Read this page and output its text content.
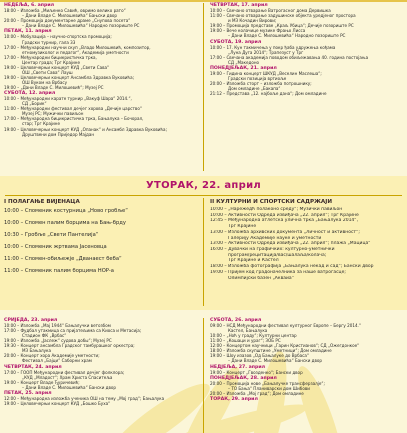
НЕДЕЉА, 6. април
18:00 – Изложба „Миљенко Савић, овримо велико рато“
– Дани Владе С. Милошевића“ Бањски двор
20:00 – Промоција документарне драме „Снупова посета“
– Дани Владе С. Милошевића“ Народно позориште РС
ПЕТАК, 11. април
10:00 – Мобулација – научно-спортска промоција;
Градски турнир, гала 33
17:00 – Међународни научни скуп „Владо Милошевић, композитор,
етномузиколог и педагог“, Академија уметности
17:00 – Међународни бицикристичка трка,
Центар града; Трг Крајине
19:00 – Целовечерњи концерт КУД „Свети Сава“
ОШ „Свети Сава“ Лауш
19:00 – Целовечерњи концерт Ансамбла Здравка Вуковића;
ОШ Вуком на Врбасу
19:00 – „Дани Владе С. Милошевић“; Музеј РС
СУБОТА, 12. април
10:00 – Међународни карате турнир „Вакуф Шара“ 2014.“,
СД „Борик“
11:00 – Међународни фестивал дечјег хорова „Дечије царство“
Музеј РС; Мужички павиљон
17:00 – Међународна бицикристичка трка, Бањалука – Бочорал,
стар; Трг Крајине
19:00 – Целовечерњи концерт КУД „Опанак“ и Ансамбл Здравка Вуковића;
Друштвени дом Приједор Мајдан
ЧЕТВРТАК, 17. април
10:00 – Свечано отварање Ватрогасног дома Дервишка
11:00 – Свечано отварање задушинске објекта уредјеног простора
и МЗ Кочадин Вирови;
19:00 – Промоција представе „Краљ Убица“; Дечије позориште РС
19:00 – Вече колачице музике Фрањо Лисса
– Дани Владе С. Милошевића“ Народно позориште РС
СУБОТА, 19. април
10:00 – 17. Кун такмичења у покр ђаба удружења кођама
„Луна Дуга 2014“; Трапезуст у Трг
17:00 – Свечана академија поводом обиљежавања 40. година постојања
СД „Македоно
ПОНЕДЈЕЉАК, 21. април
19:00 – Гидина концерт ШКУД „Веселин Маслеша“;
Градски позиција вртиоље
20:00 – Изложба сторт – изложба потрошнику;
Дом омладине „Бакапа“
21:12 – Представа „12. најбоље дана“; Дом омладине
УТОРАК, 22. април
I ПОЛАГАЊЕ ВИЈЕНАЦА	II КУЛТУРНИ И СПОРТСКИ САДРЖАЈИ
10:00 – Споменик костурница „Ново гробље“
10:00 – Спомен палим борцима на Бањ-брду
10:30 – Гробље „Свети Пантелија“
10:00 – Споменик жртвама Јасеновца
11:00 – Спомен-обиљежје „Дванаест беба“
11:00 – Споменик палим борцима НОР-а
10:00 – „Нарежедћ полаконо среду“; Музички павиљон
10:00 – Активности Одреда извиђача „22. април“; Трг Крајине
12:45 – Међународна атлетска улична трка „Бањалука 2014“,
Трг Крајине
13:00 – Изложба архивских документа „Личност и активност“;
Галерију Академије науке и уметности
13:00 – Активности Одреда извиђача „22. април“; плажа „Мацица“
16:00 – Дувачки на графичких: културно-уметнички
програм/рецитација/вас/шалаља/колача;
Трг Крајине и Кастел
18:00 – Изложба фотографија „Бањалука некад и сад“; Бански двор
19:00 – Пријем код градоначелника за наше ватрогасце;
Олимпијски базен „Акваиа“
СРИЈЕДА, 23. април
10:00 – Изложба „Мај 1944“ Бањалучки ветозбом
17:00 – Фудбал утакмица са пријатељима са Киоса и Метасија;
Стадион ФК „Врбас“
19:00 – Изложба „Јаслеж“ судова добы“; Музеј РС
19:30 – Концерт ансамбла Градског тамбурашког оркестра;
МЗ Бањалука
20:00 – Концерт хора Академије уметности;
Фестивал „Бајци“ Саборни храм
ЧЕТВРТАК, 24. април
17:00 – ГООП Међународни фестивал дечјег фолклора;
„КУД „Младост“; Храм Христа Спаситеља
19:00 – Концерт Владе Ђуричевић;
– Дани Владе С. Милошевића“ Бански двор
ПЕТАК, 25. април
12:00 – Међународна изложба ученика ОШ на тему „Мој град“; Бањалука
19:00 – Целовечерњи концерт КУД „Бошко Буха“
СУБОТА, 26. април
09:00 – НСД Међународни фестивал културног Европе – Бергу 2014.“
Кастел, Бањалука
10:00 – „Ноћ у граду“; Културни центар
11:00 – „Кошаци и ураг“; ЗОБ РС
12:00 – Концертом научници „Гарин Кристианов“; СД „Ожегдонкое“
18:00 – Изложба скупштине „Уметници“; Дом омладине
19:00 – Шоу изазов „Од Бањалуке до Врбаса“
– Дани Владе С. Милошевића“ Бански двор
НЕДЈЕЉА, 27. април
19:00 – Концерт „Гвозденко“; Бански двор
ПОНЕДЈЕЉАК, 28. април
20:00 – Промоција нове „Бањалучке трансферзалје“;
– ТО Бања“ Планиварски дом Шибови
20:00 – Изложба „Мој град“; Дом омладине
ТОРАК, 29. април
